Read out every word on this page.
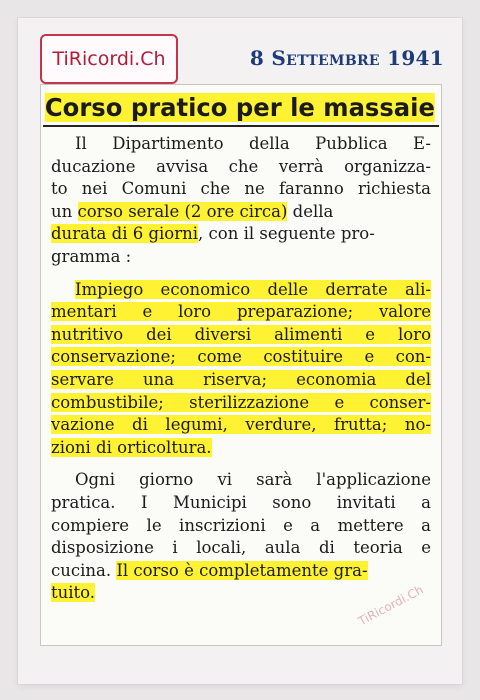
TiRicordi.Ch	8 Settembre 1941
Corso pratico per le massaie
Il Dipartimento della Pubblica E-
ducazione avvisa che verrà organizza-
to nei Comuni che ne faranno richiesta
un corso serale (2 ore circa) della
durata di 6 giorni, con il seguente pro-
gramma :
Impiego economico delle derrate ali-
mentari e loro preparazione; valore
nutritivo dei diversi alimenti e loro
conservazione; come costituire e con-
servare una riserva; economia del
combustibile; sterilizzazione e conser-
vazione di legumi, verdure, frutta; no-
zioni di orticoltura.
Ogni giorno vi sarà l'applicazione
pratica. I Municipi sono invitati a
compiere le inscrizioni e a mettere a
disposizione i locali, aula di teoria e
cucina. Il corso è completamente gra-
tuito.	TiRicordi.Ch
